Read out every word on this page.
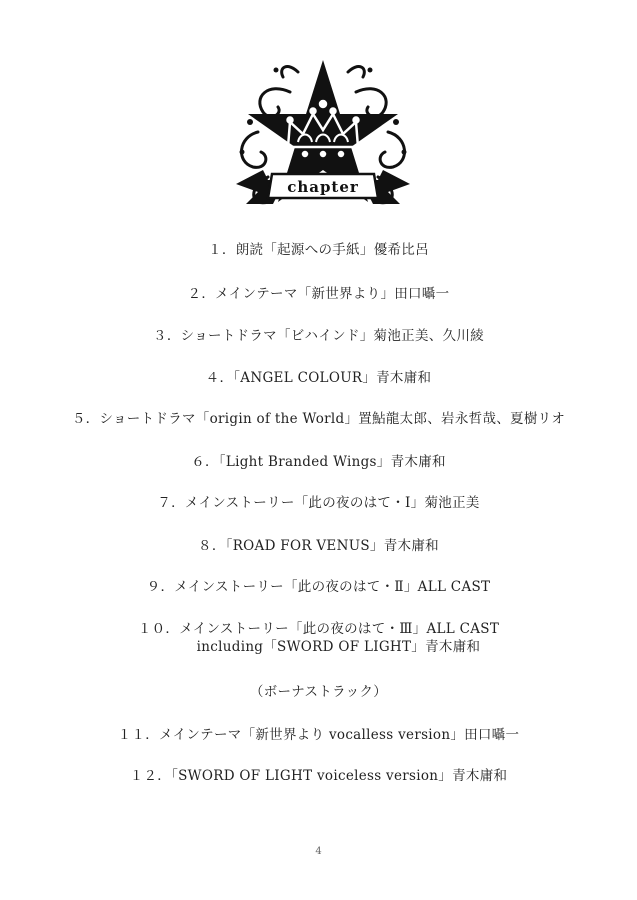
chapter
１．朗読「起源への手紙」優希比呂
２．メインテーマ「新世界より」田口囁一
３．ショートドラマ「ビハインド」菊池正美、久川綾
４．「ANGEL COLOUR」青木庸和
５．ショートドラマ「origin of the World」置鮎龍太郎、岩永哲哉、夏樹リオ
６．「Light Branded Wings」青木庸和
７．メインストーリー「此の夜のはて・Ⅰ」菊池正美
８．「ROAD FOR VENUS」青木庸和
９．メインストーリー「此の夜のはて・Ⅱ」ALL CAST
１０．メインストーリー「此の夜のはて・Ⅲ」ALL CAST
including「SWORD OF LIGHT」青木庸和
（ボーナストラック）
１１．メインテーマ「新世界より vocalless version」田口囁一
１２．「SWORD OF LIGHT voiceless version」青木庸和
4
